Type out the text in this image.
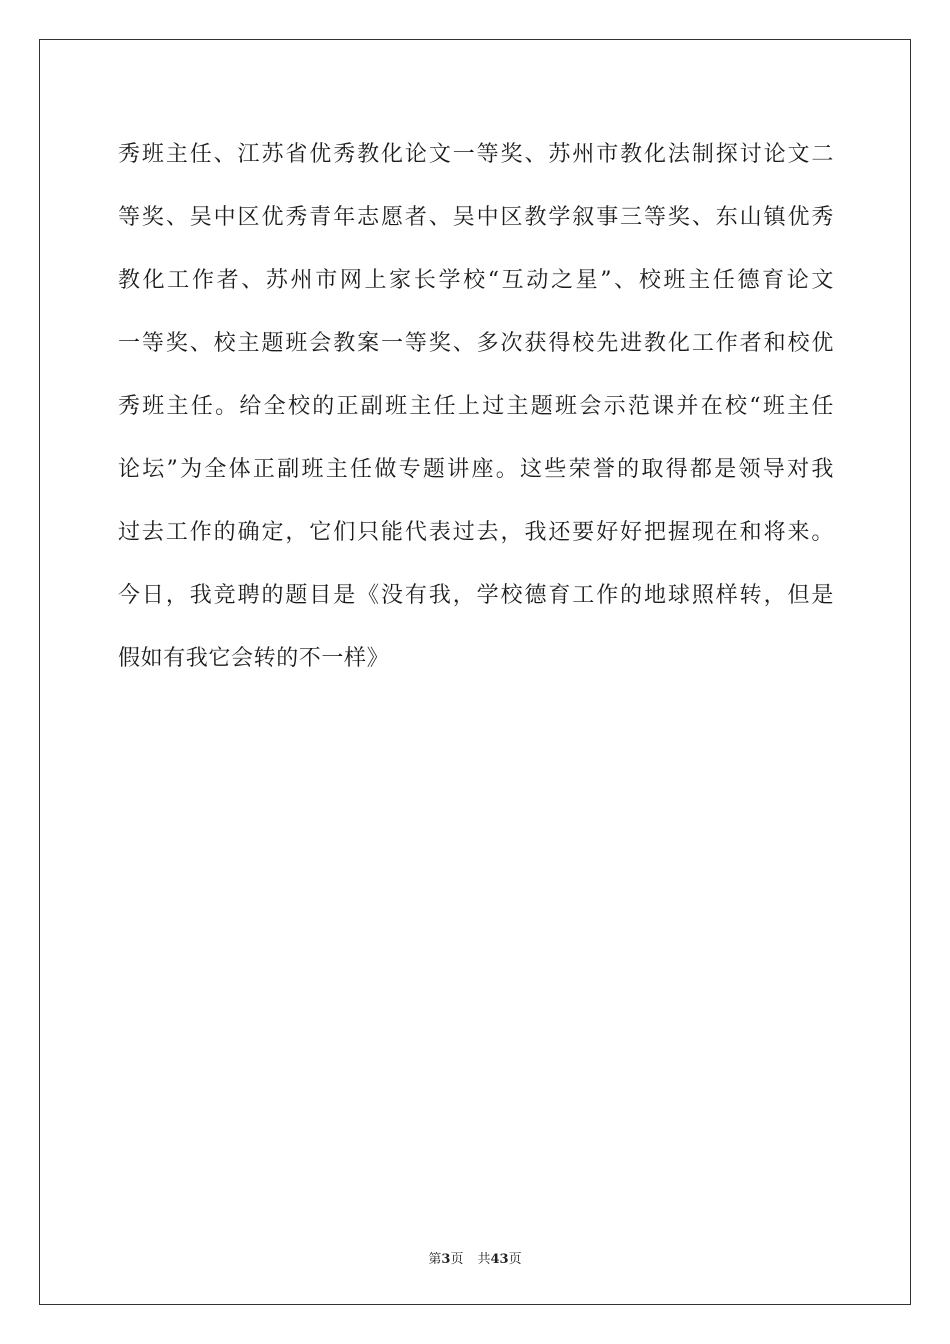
秀班主任、江苏省优秀教化论文一等奖、苏州市教化法制探讨论文二

等奖、吴中区优秀青年志愿者、吴中区教学叙事三等奖、东山镇优秀

教化工作者、苏州市网上家长学校“互动之星”、校班主任德育论文

一等奖、校主题班会教案一等奖、多次获得校先进教化工作者和校优

秀班主任。给全校的正副班主任上过主题班会示范课并在校“班主任

论坛”为全体正副班主任做专题讲座。这些荣誉的取得都是领导对我

过去工作的确定，它们只能代表过去，我还要好好把握现在和将来。

今日，我竞聘的题目是《没有我，学校德育工作的地球照样转，但是

假如有我它会转的不一样》

第3页 共43页
